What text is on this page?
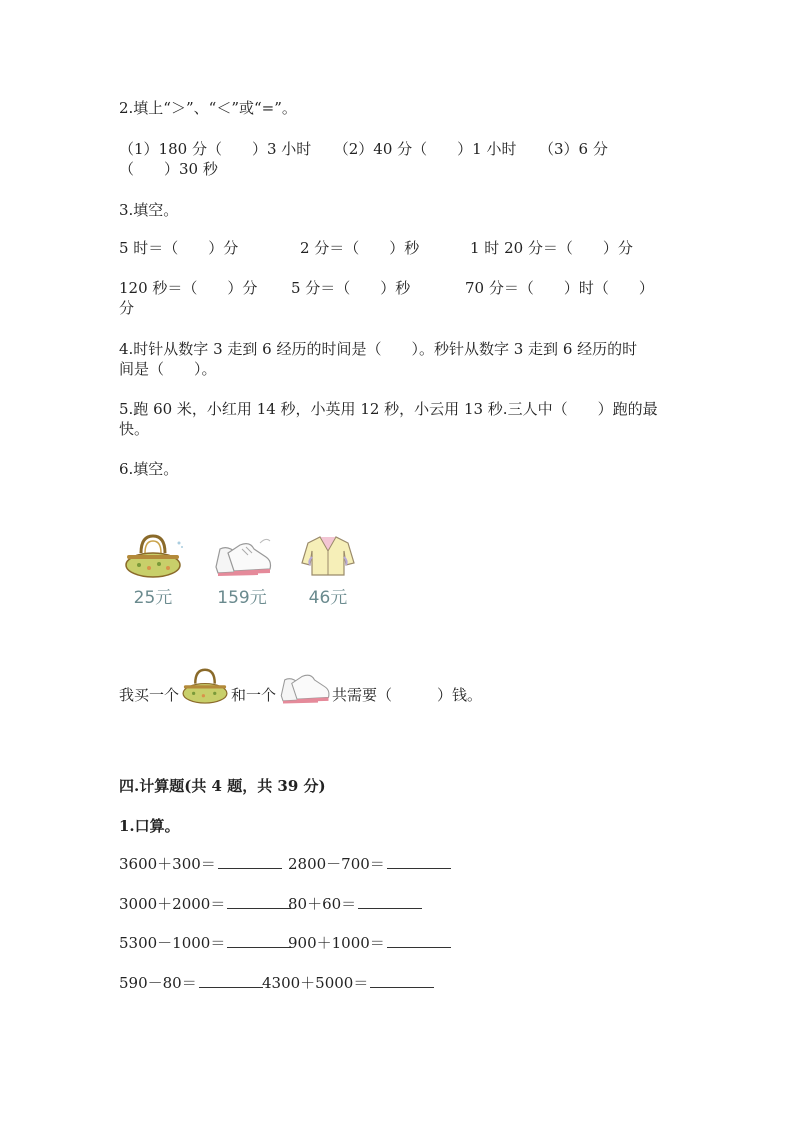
2.填上“＞”、“＜”或“=”。
（1）180 分（　　）3 小时　　（2）40 分（　　）1 小时　　（3）6 分
（　　）30 秒
3.填空。
5 时＝（　　）分	2 分＝（　　）秒	1 时 20 分＝（　　）分
120 秒＝（　　）分 5 分＝（　　）秒	70 分＝（　　）时（　　）
分
4.时针从数字 3 走到 6 经历的时间是（　　）。秒针从数字 3 走到 6 经历的时
间是（　　）。
5.跑 60 米，小红用 14 秒，小英用 12 秒，小云用 13 秒.三人中（　　）跑的最
快。
6.填空。
25元	159元	46元
我买一个	和一个	共需要（　　　）钱。
四.计算题(共 4 题，共 39 分)
1.口算。
3600＋300＝	2800－700＝
3000＋2000＝	80＋60＝
5300－1000＝	900＋1000＝
590－80＝	4300＋5000＝
